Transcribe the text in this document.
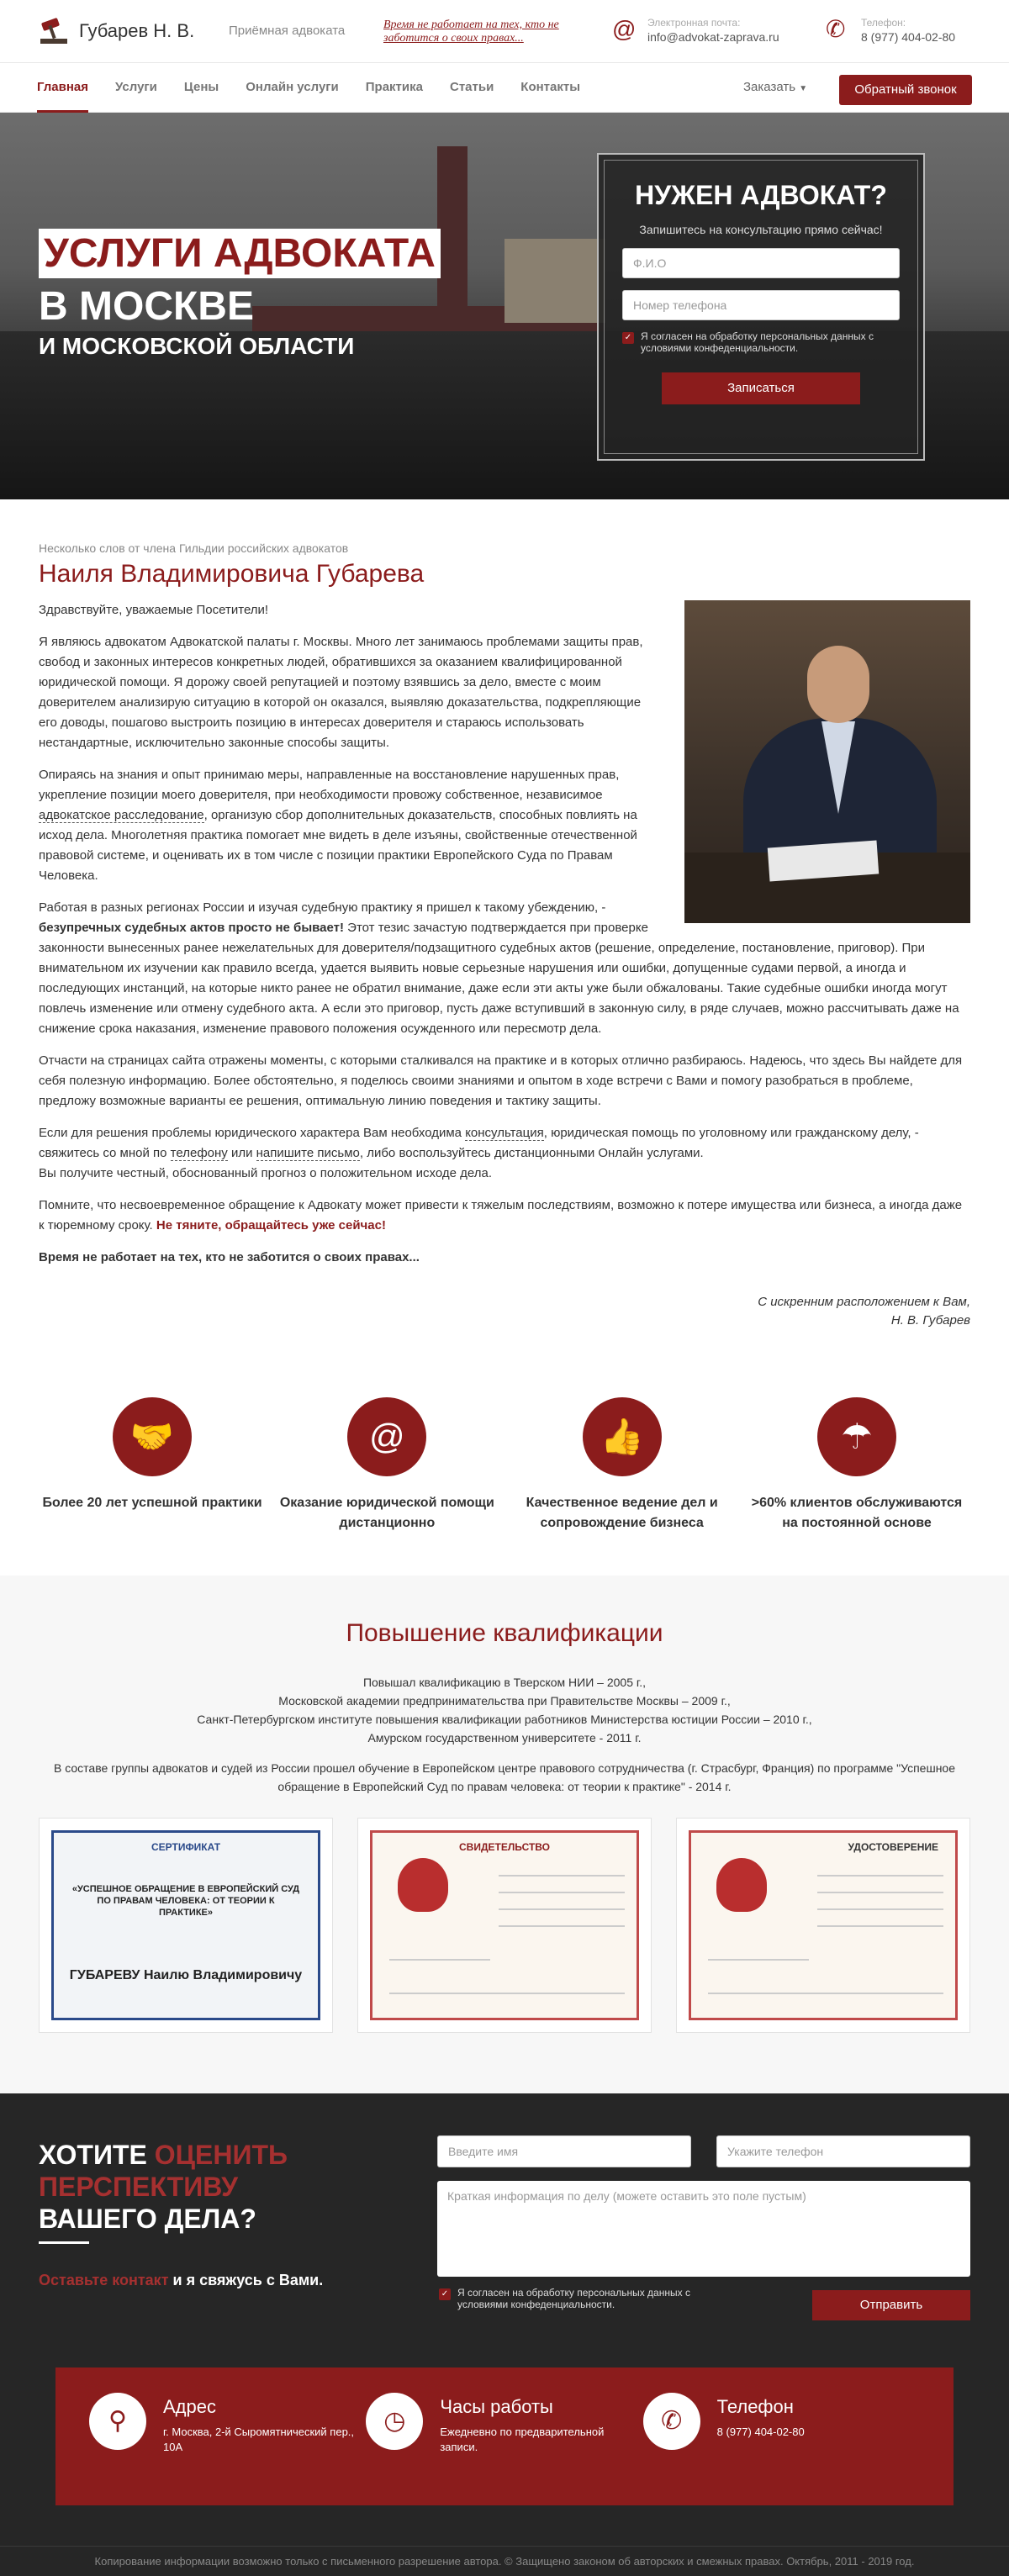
Губарев Н. В.	Приёмная адвоката	Время не работает на тех, кто не заботится о своих правах...	@ Электронная почта:
info@advokat-zaprava.ru ✆	Телефон:
8 (977) 404-02-80
Главная Услуги Цены Онлайн услуги Практика Статьи Контакты	Заказать ▼	Обратный звонок
УСЛУГИ АДВОКАТА
В МОСКВЕ
И МОСКОВСКОЙ ОБЛАСТИ
НУЖЕН АДВОКАТ?
Запишитесь на консультацию прямо сейчас!
Ф.И.О
Номер телефона
✓ Я согласен на обработку персональных данных с условиями конфеденциальности.
Записаться
Несколько слов от члена Гильдии российских адвокатов
Наиля Владимировича Губарева

Здравствуйте, уважаемые Посетители!

Я являюсь адвокатом Адвокатской палаты г. Москвы. Много лет занимаюсь проблемами защиты прав, свобод и законных интересов конкретных людей, обратившихся за оказанием квалифицированной юридической помощи. Я дорожу своей репутацией и поэтому взявшись за дело, вместе с моим доверителем анализирую ситуацию в которой он оказался, выявляю доказательства, подкрепляющие его доводы, пошагово выстроить позицию в интересах доверителя и стараюсь использовать нестандартные, исключительно законные способы защиты.

Опираясь на знания и опыт принимаю меры, направленные на восстановление нарушенных прав, укрепление позиции моего доверителя, при необходимости провожу собственное, независимое адвокатское расследование, организую сбор дополнительных доказательств, способных повлиять на исход дела. Многолетняя практика помогает мне видеть в деле изъяны, свойственные отечественной правовой системе, и оценивать их в том числе с позиции практики Европейского Суда по Правам Человека.

Работая в разных регионах России и изучая судебную практику я пришел к такому убеждению, - безупречных судебных актов просто не бывает! Этот тезис зачастую подтверждается при проверке законности вынесенных ранее нежелательных для доверителя/подзащитного судебных актов (решение, определение, постановление, приговор). При внимательном их изучении как правило всегда, удается выявить новые серьезные нарушения или ошибки, допущенные судами первой, а иногда и последующих инстанций, на которые никто ранее не обратил внимание, даже если эти акты уже были обжалованы. Такие судебные ошибки иногда могут повлечь изменение или отмену судебного акта. А если это приговор, пусть даже вступивший в законную силу, в ряде случаев, можно рассчитывать даже на снижение срока наказания, изменение правового положения осужденного или пересмотр дела.

Отчасти на страницах сайта отражены моменты, с которыми сталкивался на практике и в которых отлично разбираюсь. Надеюсь, что здесь Вы найдете для себя полезную информацию. Более обстоятельно, я поделюсь своими знаниями и опытом в ходе встречи с Вами и помогу разобраться в проблеме, предложу возможные варианты ее решения, оптимальную линию поведения и тактику защиты.

Если для решения проблемы юридического характера Вам необходима консультация, юридическая помощь по уголовному или гражданскому делу, - свяжитесь со мной по телефону или напишите письмо, либо воспользуйтесь дистанционными Онлайн услугами.
Вы получите честный, обоснованный прогноз о положительном исходе дела.

Помните, что несвоевременное обращение к Адвокату может привести к тяжелым последствиям, возможно к потере имущества или бизнеса, а иногда даже к тюремному сроку. Не тяните, обращайтесь уже сейчас!

Время не работает на тех, кто не заботится о своих правах...

С искренним расположением к Вам,
Н. В. Губарев
🤝
Более 20 лет успешной практики
@
Оказание юридической помощи дистанционно
👍
Качественное ведение дел и сопровождение бизнеса
☂
>60% клиентов обслуживаются на постоянной основе
Повышение квалификации
Повышал квалификацию в Тверском НИИ – 2005 г.,
Московской академии предпринимательства при Правительстве Москвы – 2009 г.,
Санкт-Петербургском институте повышения квалификации работников Министерства юстиции России – 2010 г.,
Амурском государственном университете - 2011 г.
В составе группы адвокатов и судей из России прошел обучение в Европейском центре правового сотрудничества (г. Страсбург, Франция) по программе "Успешное обращение в Европейский Суд по правам человека: от теории к практике" - 2014 г.
СЕРТИФИКАТ
«УСПЕШНОЕ ОБРАЩЕНИЕ В ЕВРОПЕЙСКИЙ СУД ПО ПРАВАМ ЧЕЛОВЕКА: ОТ ТЕОРИИ К ПРАКТИКЕ»
ГУБАРЕВУ Наилю Владимировичу
СВИДЕТЕЛЬСТВО	УДОСТОВЕРЕНИЕ
ХОТИТЕ ОЦЕНИТЬ ПЕРСПЕКТИВУ
ВАШЕГО ДЕЛА?
Оставьте контакт и я свяжусь с Вами.
Введите имя	Укажите телефон
Краткая информация по делу (можете оставить это поле пустым)
✓ Я согласен на обработку персональных данных с условиями конфеденциальности.	Отправить
⚲
Адрес
г. Москва, 2-й Сыромятнический пер., 10А
◷
Часы работы
Ежедневно по предварительной записи.
✆
Телефон
8 (977) 404-02-80
Копирование информации возможно только с письменного разрешение автора. © Защищено законом об авторских и смежных правах. Октябрь, 2011 - 2019 год.
